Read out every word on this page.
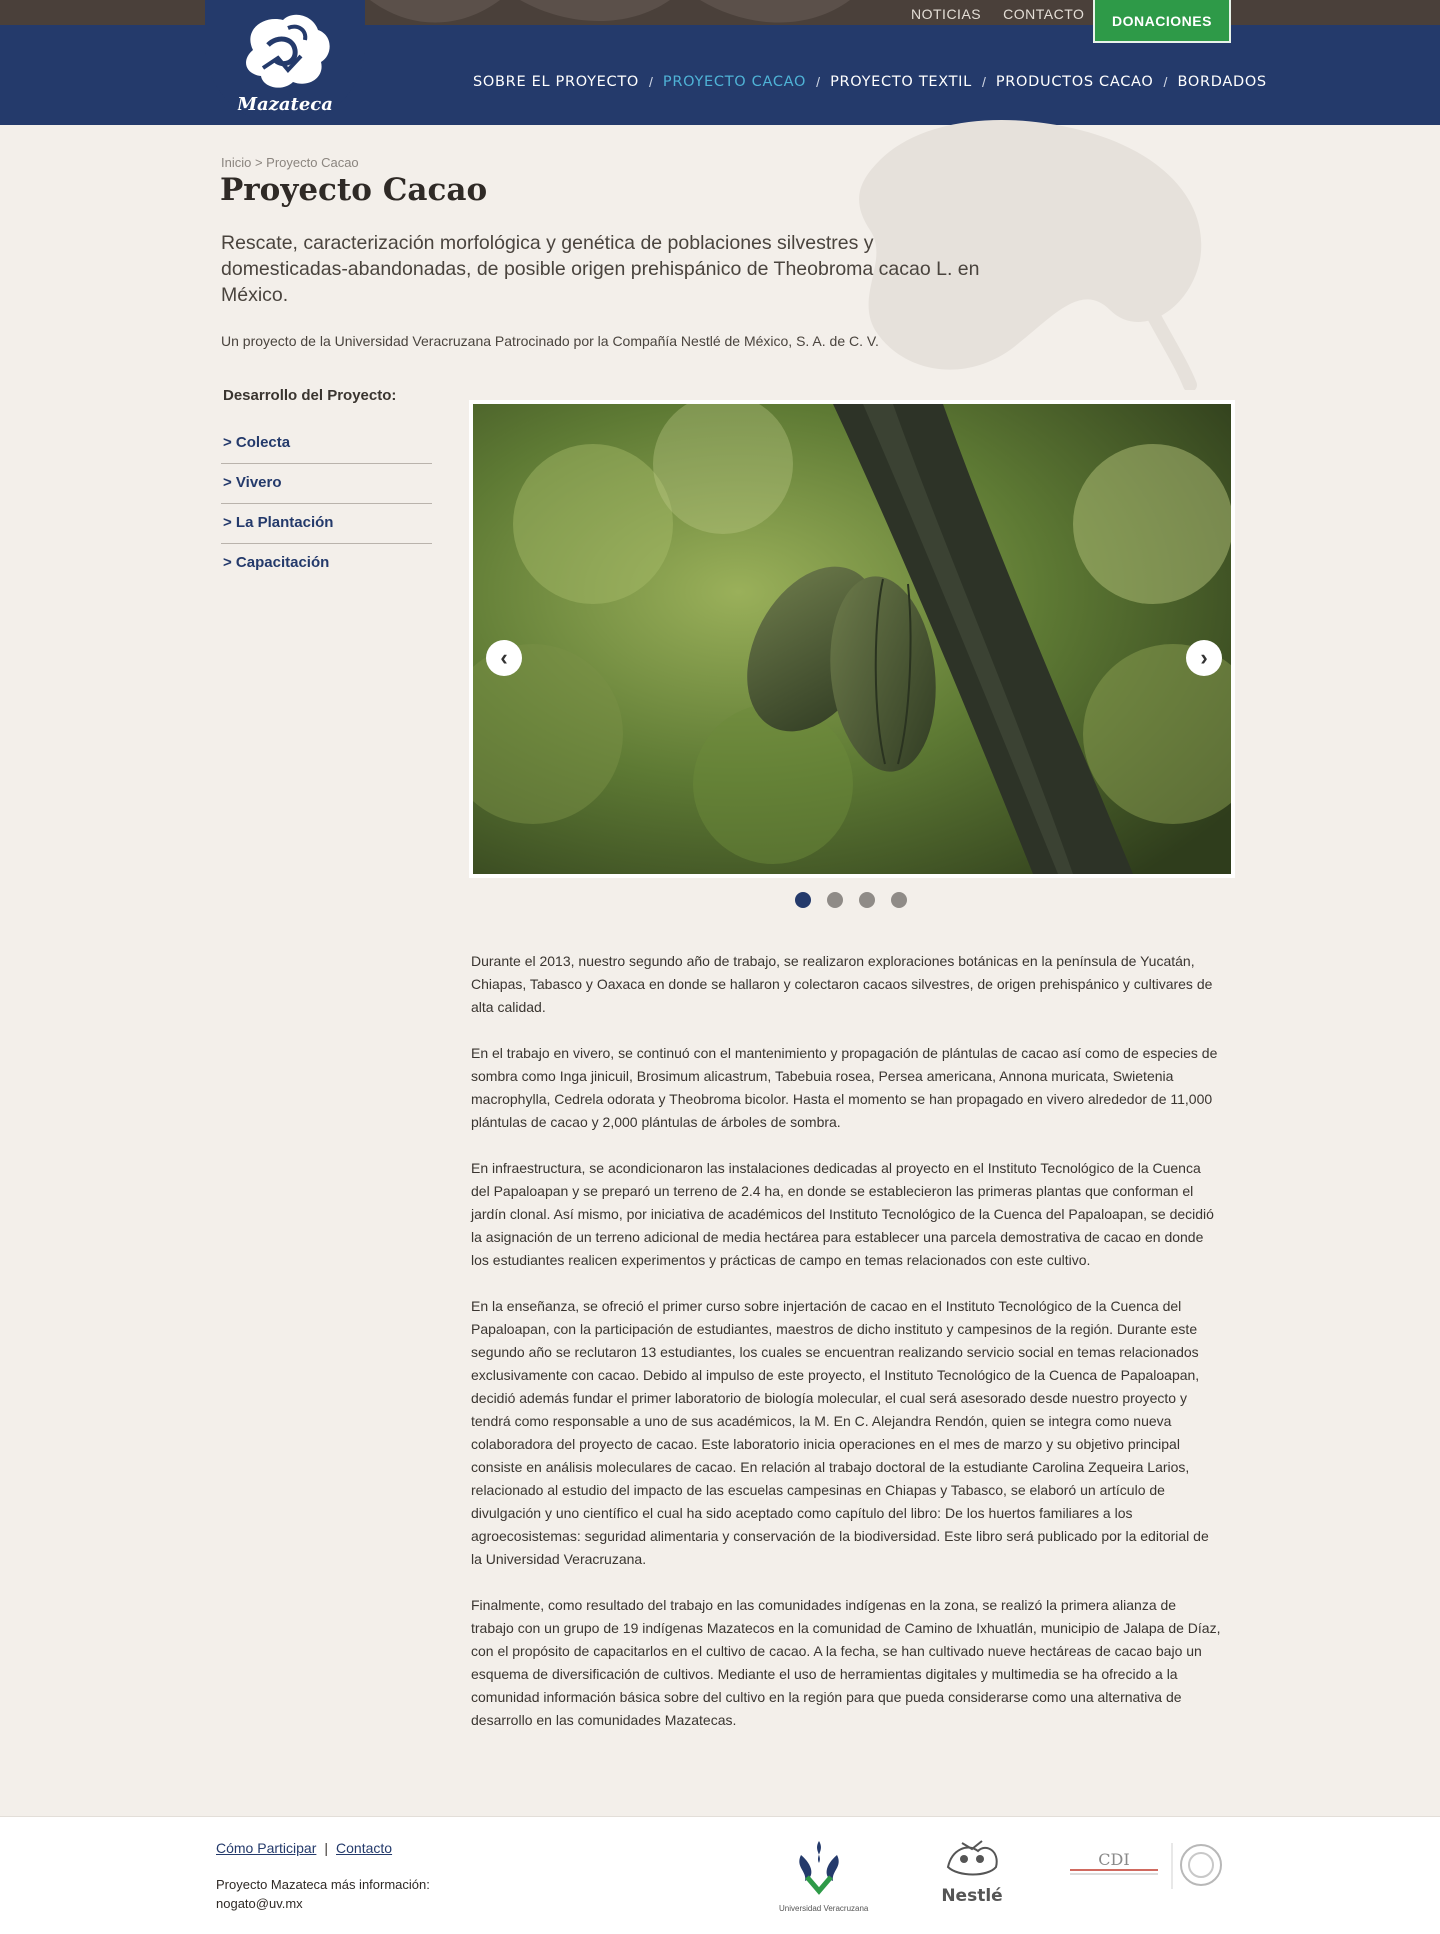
Mazateca
NOTICIAS CONTACTO	DONACIONES
SOBRE EL PROYECTO / PROYECTO CACAO / PROYECTO TEXTIL / PRODUCTOS CACAO / BORDADOS
Inicio > Proyecto Cacao
Proyecto Cacao

Rescate, caracterización morfológica y genética de poblaciones silvestres y domesticadas-abandonadas, de posible origen prehispánico de Theobroma cacao L. en México.

Un proyecto de la Universidad Veracruzana Patrocinado por la Compañía Nestlé de México, S. A. de C. V.

Desarrollo del Proyecto:
> Colecta
> Vivero
> La Plantación
> Capacitación
‹	›

Durante el 2013, nuestro segundo año de trabajo, se realizaron exploraciones botánicas en la península de Yucatán, Chiapas, Tabasco y Oaxaca en donde se hallaron y colectaron cacaos silvestres, de origen prehispánico y cultivares de alta calidad.

En el trabajo en vivero, se continuó con el mantenimiento y propagación de plántulas de cacao así como de especies de sombra como Inga jinicuil, Brosimum alicastrum, Tabebuia rosea, Persea americana, Annona muricata, Swietenia macrophylla, Cedrela odorata y Theobroma bicolor. Hasta el momento se han propagado en vivero alrededor de 11,000 plántulas de cacao y 2,000 plántulas de árboles de sombra.

En infraestructura, se acondicionaron las instalaciones dedicadas al proyecto en el Instituto Tecnológico de la Cuenca del Papaloapan y se preparó un terreno de 2.4 ha, en donde se establecieron las primeras plantas que conforman el jardín clonal. Así mismo, por iniciativa de académicos del Instituto Tecnológico de la Cuenca del Papaloapan, se decidió la asignación de un terreno adicional de media hectárea para establecer una parcela demostrativa de cacao en donde los estudiantes realicen experimentos y prácticas de campo en temas relacionados con este cultivo.

En la enseñanza, se ofreció el primer curso sobre injertación de cacao en el Instituto Tecnológico de la Cuenca del Papaloapan, con la participación de estudiantes, maestros de dicho instituto y campesinos de la región. Durante este segundo año se reclutaron 13 estudiantes, los cuales se encuentran realizando servicio social en temas relacionados exclusivamente con cacao. Debido al impulso de este proyecto, el Instituto Tecnológico de la Cuenca de Papaloapan, decidió además fundar el primer laboratorio de biología molecular, el cual será asesorado desde nuestro proyecto y tendrá como responsable a uno de sus académicos, la M. En C. Alejandra Rendón, quien se integra como nueva colaboradora del proyecto de cacao. Este laboratorio inicia operaciones en el mes de marzo y su objetivo principal consiste en análisis moleculares de cacao. En relación al trabajo doctoral de la estudiante Carolina Zequeira Larios, relacionado al estudio del impacto de las escuelas campesinas en Chiapas y Tabasco, se elaboró un artículo de divulgación y uno científico el cual ha sido aceptado como capítulo del libro: De los huertos familiares a los agroecosistemas: seguridad alimentaria y conservación de la biodiversidad. Este libro será publicado por la editorial de la Universidad Veracruzana.

Finalmente, como resultado del trabajo en las comunidades indígenas en la zona, se realizó la primera alianza de trabajo con un grupo de 19 indígenas Mazatecos en la comunidad de Camino de Ixhuatlán, municipio de Jalapa de Díaz, con el propósito de capacitarlos en el cultivo de cacao. A la fecha, se han cultivado nueve hectáreas de cacao bajo un esquema de diversificación de cultivos. Mediante el uso de herramientas digitales y multimedia se ha ofrecido a la comunidad información básica sobre del cultivo en la región para que pueda considerarse como una alternativa de desarrollo en las comunidades Mazatecas.

Cómo Participar | Contacto
Proyecto Mazateca más información:
nogato@uv.mx	Universidad Veracruzana
Nestlé
CDI
